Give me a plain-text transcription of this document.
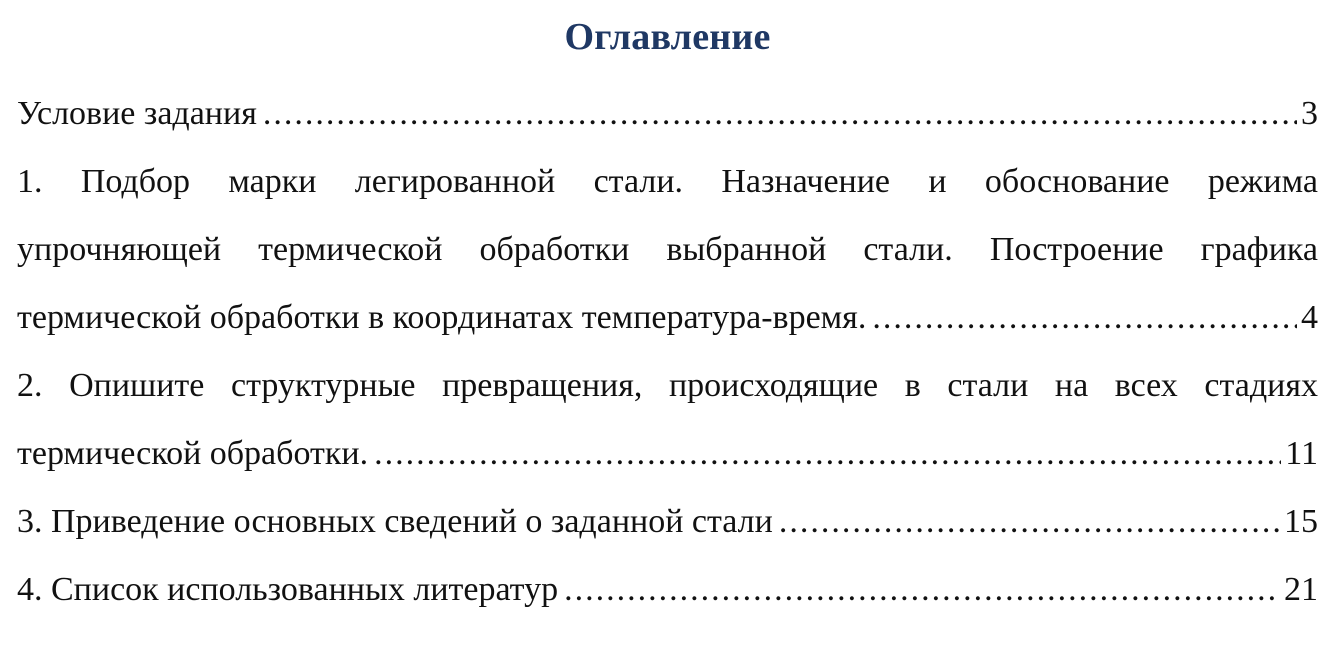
Оглавление
Условие задания .....	3
1. Подбор марки легированной стали. Назначение и обоснование режима
упрочняющей термической обработки выбранной стали. Построение графика
термической обработки в координатах температура-время. .....	4
2. Опишите структурные превращения, происходящие в стали на всех стадиях
термической обработки. .....	11
3. Приведение основных сведений о заданной стали .....	15
4. Список использованных литератур .....	21
